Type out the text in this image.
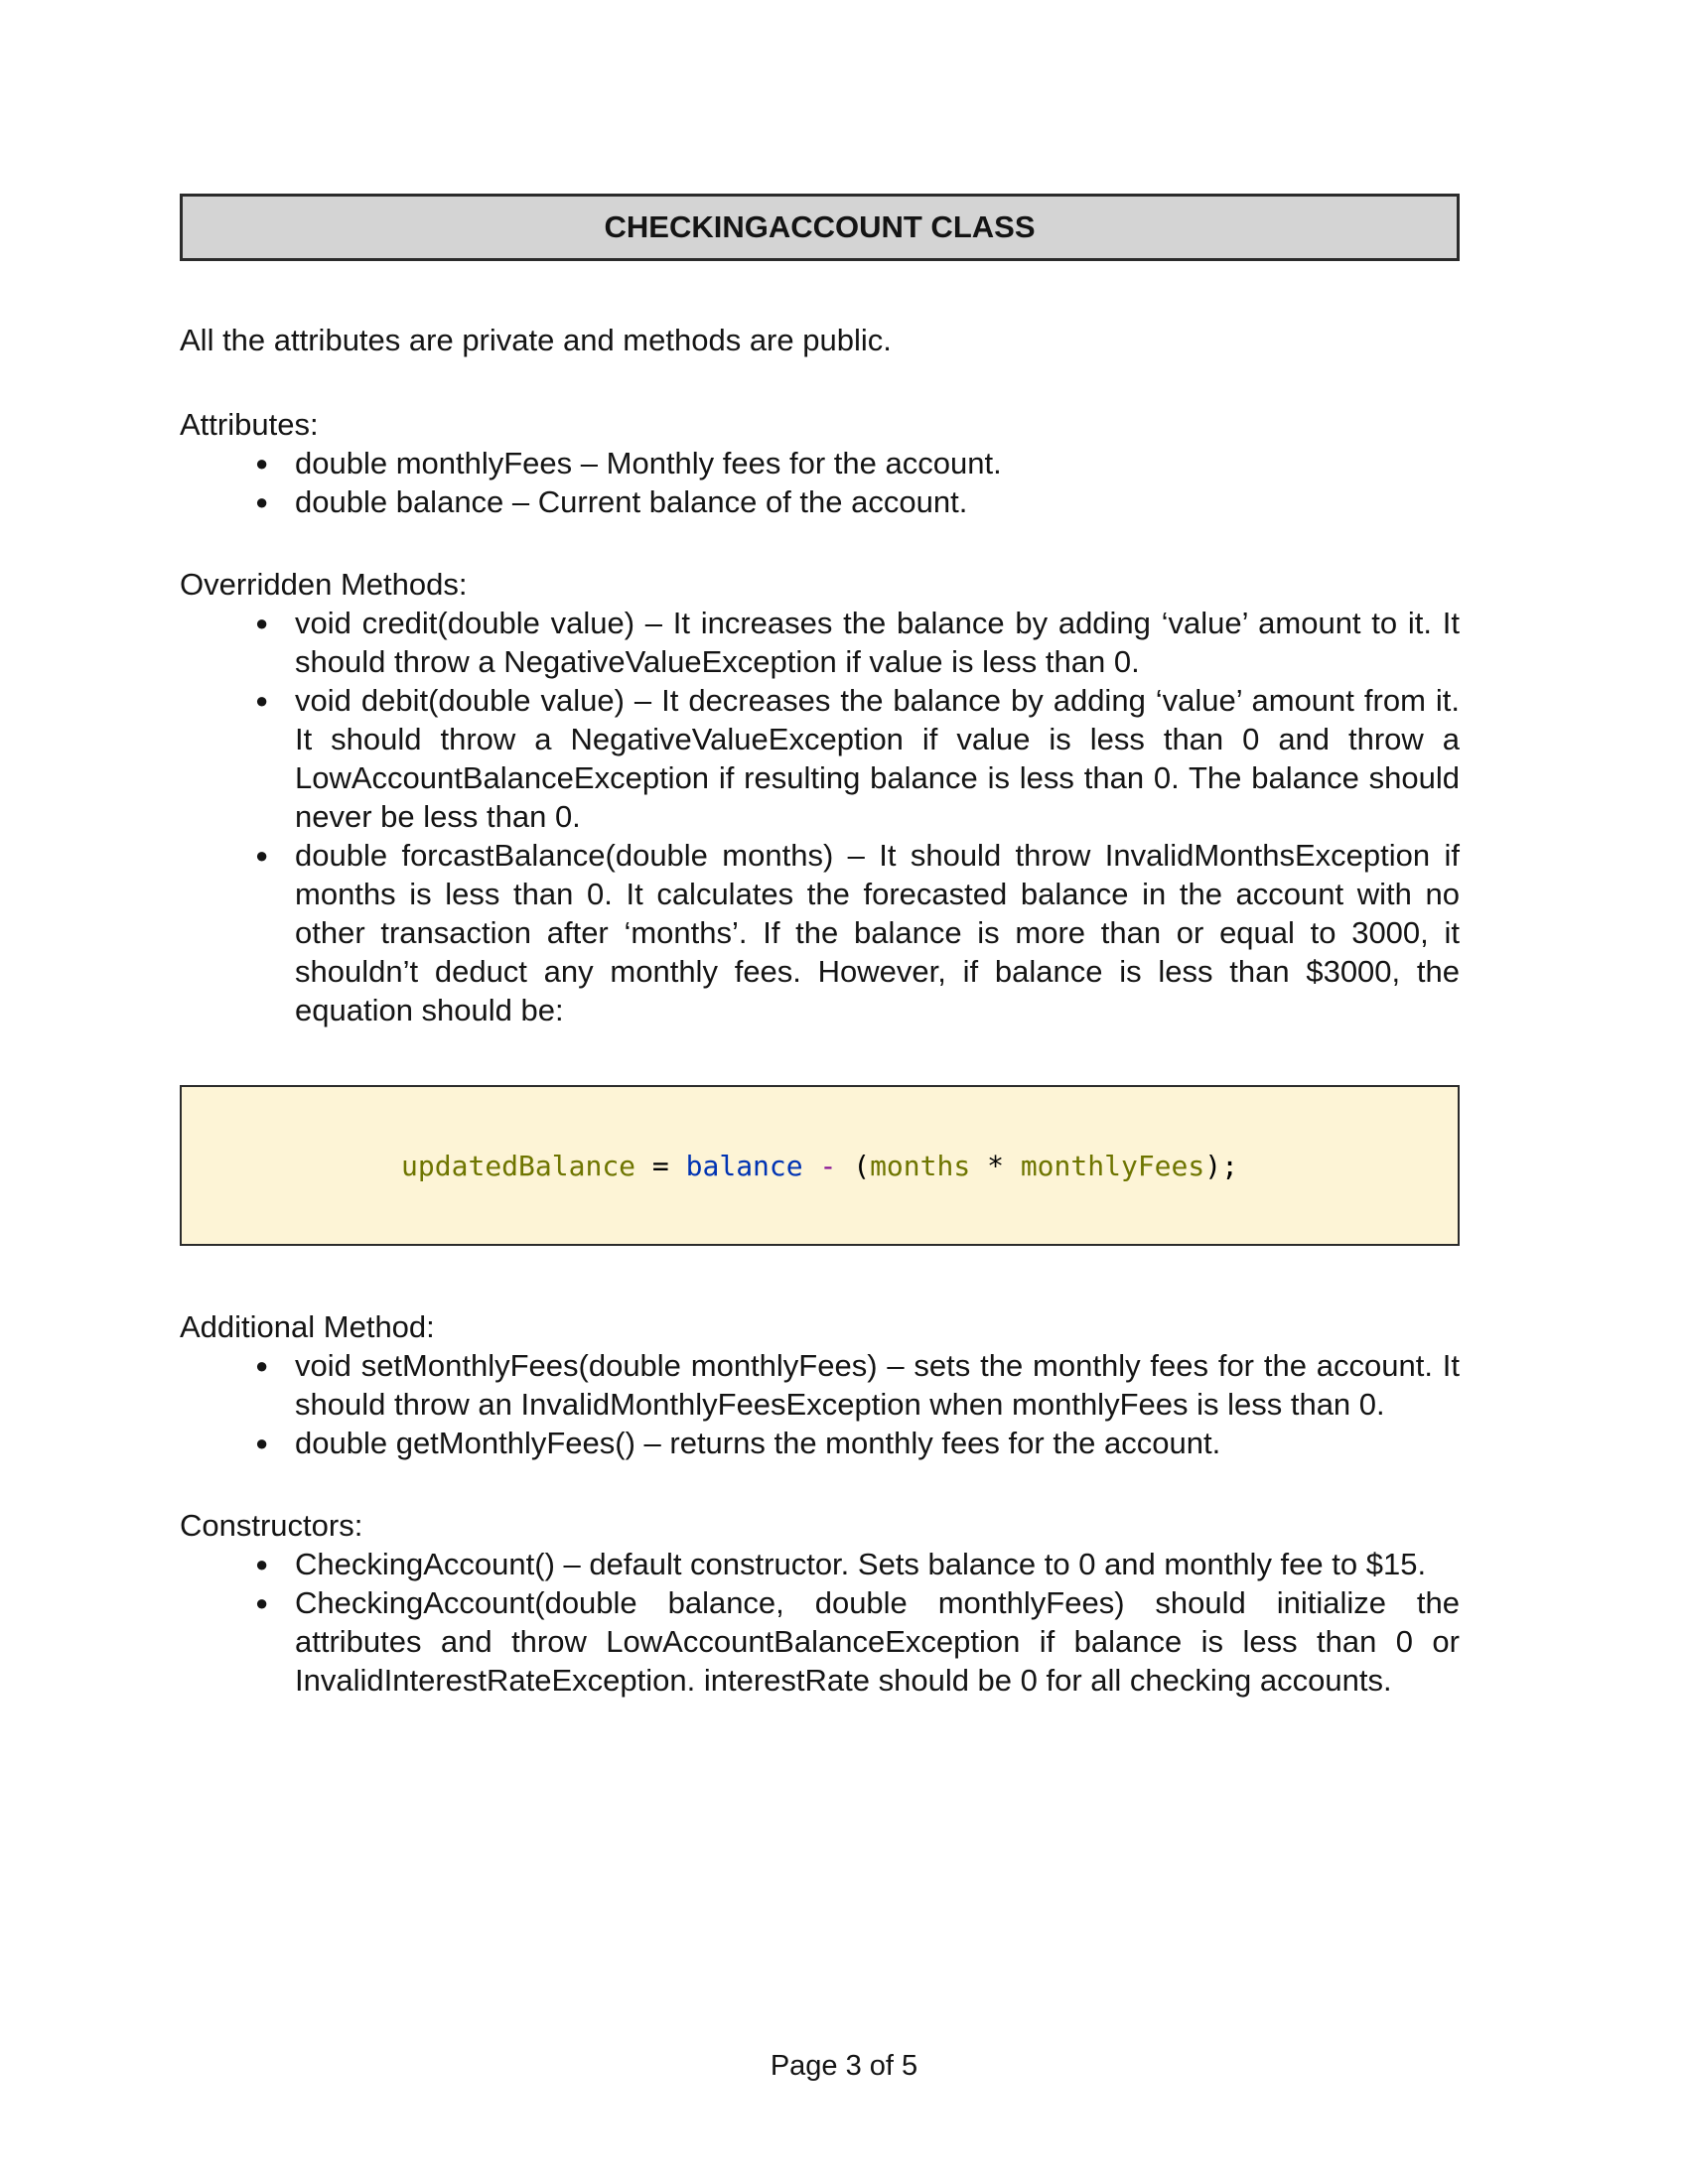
CHECKINGACCOUNT CLASS

All the attributes are private and methods are public.

Attributes:

● double monthlyFees – Monthly fees for the account.

● double balance – Current balance of the account.

Overridden Methods:

● void credit(double value) – It increases the balance by adding ‘value’ amount to it. It should throw a NegativeValueException if value is less than 0.

● void debit(double value) – It decreases the balance by adding ‘value’ amount from it. It should throw a NegativeValueException if value is less than 0 and throw a LowAccountBalanceException if resulting balance is less than 0. The balance should never be less than 0.

● double forcastBalance(double months) – It should throw InvalidMonthsException if months is less than 0. It calculates the forecasted balance in the account with no other transaction after ‘months’. If the balance is more than or equal to 3000, it shouldn’t deduct any monthly fees. However, if balance is less than $3000, the equation should be:

updatedBalance = balance - (months * monthlyFees);

Additional Method:

● void setMonthlyFees(double monthlyFees) – sets the monthly fees for the account. It should throw an InvalidMonthlyFeesException when monthlyFees is less than 0.

● double getMonthlyFees() – returns the monthly fees for the account.

Constructors:

● CheckingAccount() – default constructor. Sets balance to 0 and monthly fee to $15.

● CheckingAccount(double balance, double monthlyFees) should initialize the attributes and throw LowAccountBalanceException if balance is less than 0 or InvalidInterestRateException. interestRate should be 0 for all checking accounts.

Page 3 of 5
